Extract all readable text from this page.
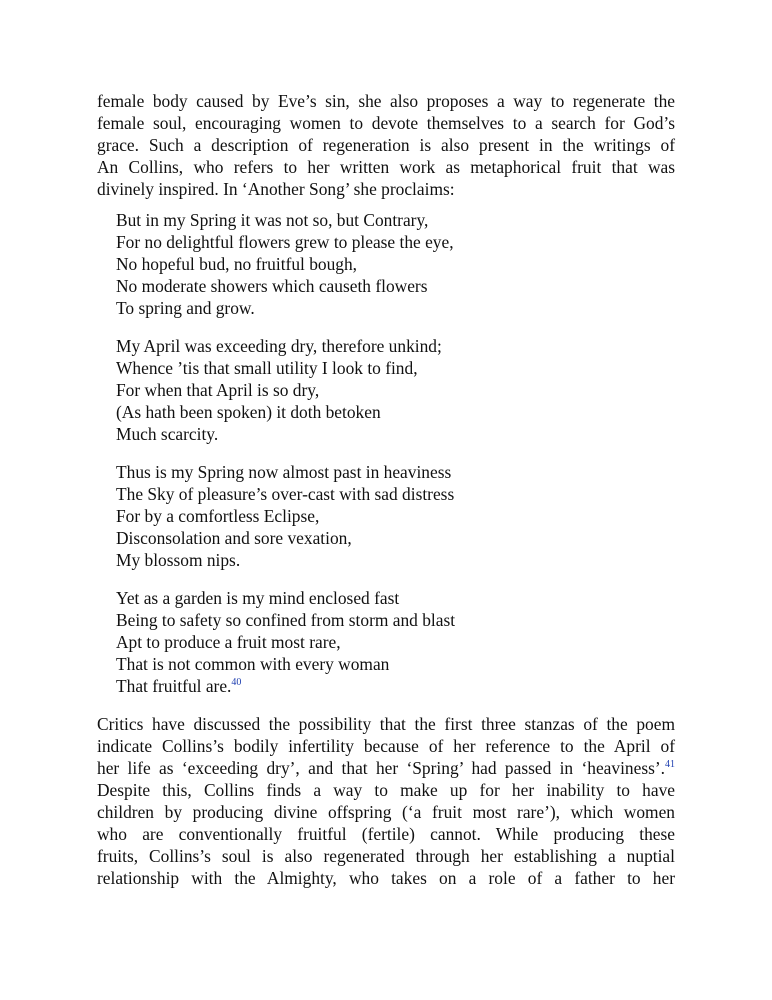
female body caused by Eve’s sin, she also proposes a way to regenerate the
female soul, encouraging women to devote themselves to a search for God’s
grace. Such a description of regeneration is also present in the writings of
An Collins, who refers to her written work as metaphorical fruit that was
divinely inspired. In ‘Another Song’ she proclaims:
But in my Spring it was not so, but Contrary,
For no delightful flowers grew to please the eye,
No hopeful bud, no fruitful bough,
No moderate showers which causeth flowers
To spring and grow.
My April was exceeding dry, therefore unkind;
Whence ’tis that small utility I look to find,
For when that April is so dry,
(As hath been spoken) it doth betoken
Much scarcity.
Thus is my Spring now almost past in heaviness
The Sky of pleasure’s over-cast with sad distress
For by a comfortless Eclipse,
Disconsolation and sore vexation,
My blossom nips.
Yet as a garden is my mind enclosed fast
Being to safety so confined from storm and blast
Apt to produce a fruit most rare,
That is not common with every woman
That fruitful are.$^{40}$
Critics have discussed the possibility that the first three stanzas of the poem
indicate Collins’s bodily infertility because of her reference to the April of
her life as ‘exceeding dry’, and that her ‘Spring’ had passed in ‘heaviness’.$^{41}$
Despite this, Collins finds a way to make up for her inability to have
children by producing divine offspring (‘a fruit most rare’), which women
who are conventionally fruitful (fertile) cannot. While producing these
fruits, Collins’s soul is also regenerated through her establishing a nuptial
relationship with the Almighty, who takes on a role of a father to her
